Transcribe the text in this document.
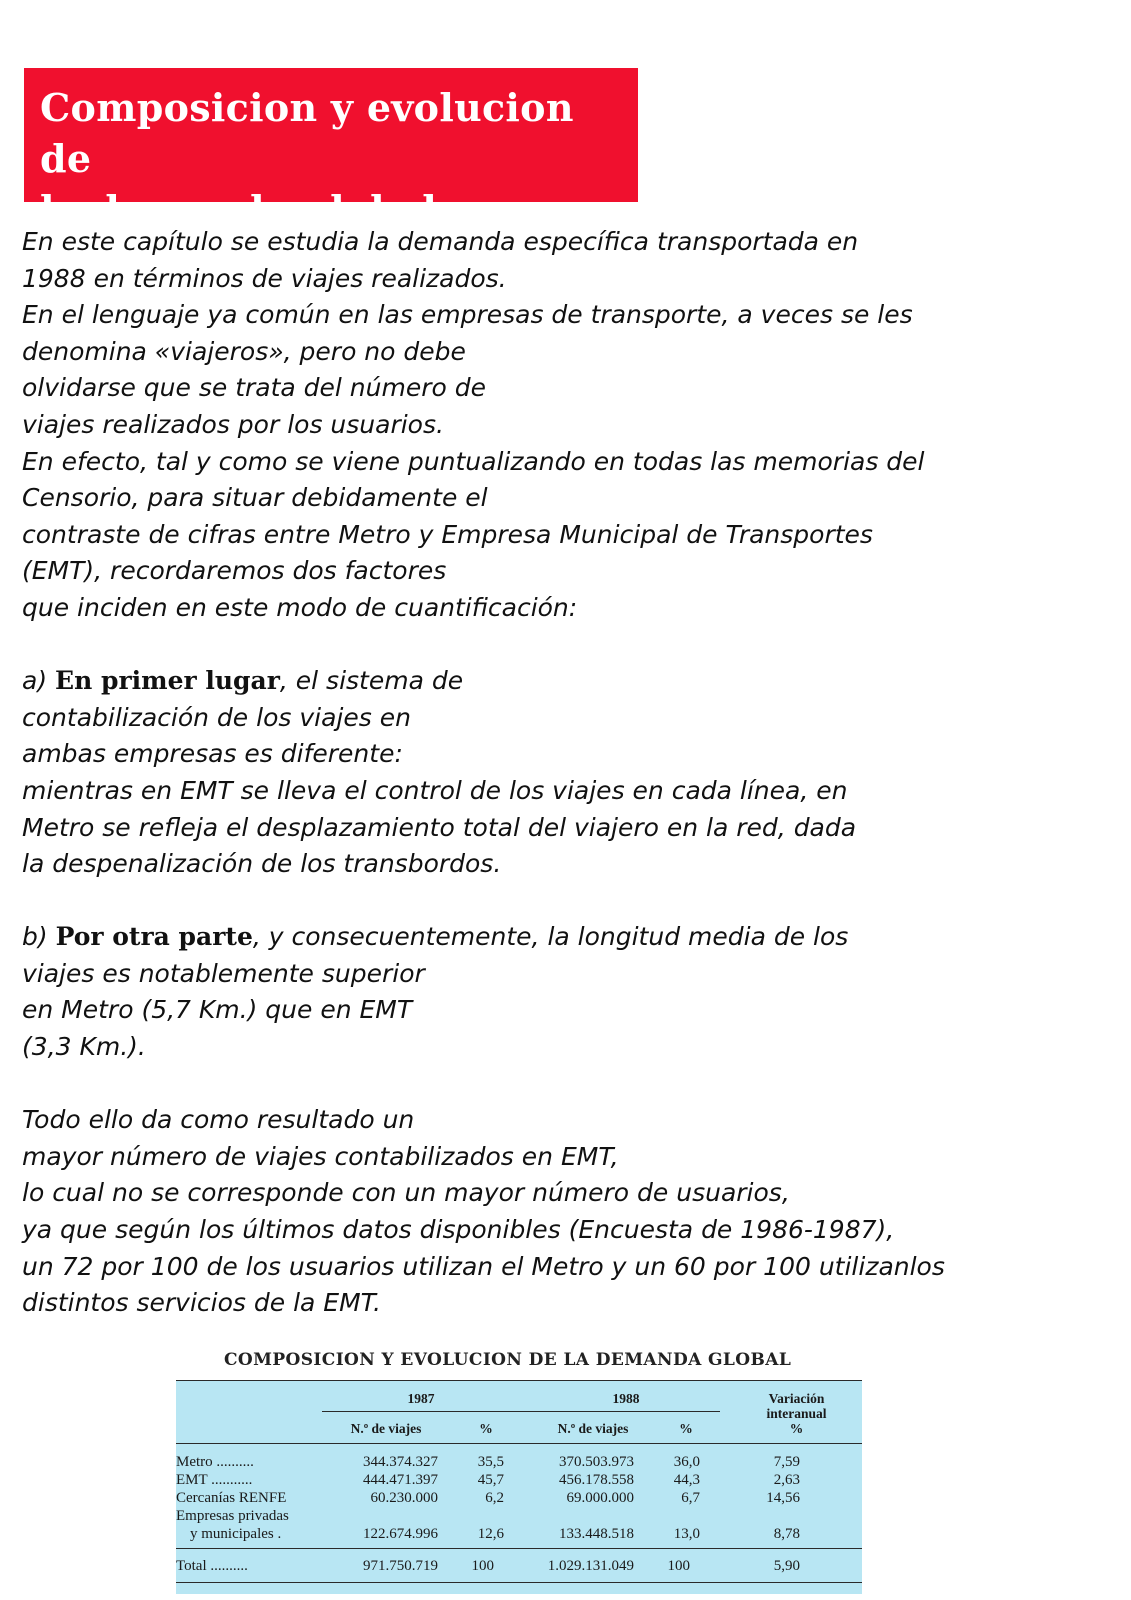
Composicion y evolucion de
la demanda global

En este capítulo se estudia la demanda específica transportada en
1988 en términos de viajes realizados.
En el lenguaje ya común en las empresas de transporte, a veces se les
denomina «viajeros», pero no debe
olvidarse que se trata del número de
viajes realizados por los usuarios.
En efecto, tal y como se viene puntualizando en todas las memorias del
Censorio, para situar debidamente el
contraste de cifras entre Metro y Empresa Municipal de Transportes
(EMT), recordaremos dos factores
que inciden en este modo de cuantificación:

a) En primer lugar, el sistema de
contabilización de los viajes en
ambas empresas es diferente:
mientras en EMT se lleva el control de los viajes en cada línea, en
Metro se refleja el desplazamiento total del viajero en la red, dada
la despenalización de los transbordos.

b) Por otra parte, y consecuentemente, la longitud media de los
viajes es notablemente superior
en Metro (5,7 Km.) que en EMT
(3,3 Km.).

Todo ello da como resultado un
mayor número de viajes contabilizados en EMT,
lo cual no se corresponde con un mayor número de usuarios,
ya que según los últimos datos disponibles (Encuesta de 1986-1987),
un 72 por 100 de los usuarios utilizan el Metro y un 60 por 100 utilizanlos
distintos servicios de la EMT.

COMPOSICION Y EVOLUCION DE LA DEMANDA GLOBAL
1987	1988	Variación
interanual
%
N.º de viajes	%	N.º de viajes	%
Metro ..........	344.374.327	35,5	370.503.973	36,0	7,59
EMT ...........	444.471.397	45,7	456.178.558	44,3	2,63
Cercanías RENFE	60.230.000	6,2	69.000.000	6,7	14,56
Empresas privadas
y municipales .	122.674.996	12,6	133.448.518	13,0	8,78
Total ..........	971.750.719	100	1.029.131.049	100	5,90
